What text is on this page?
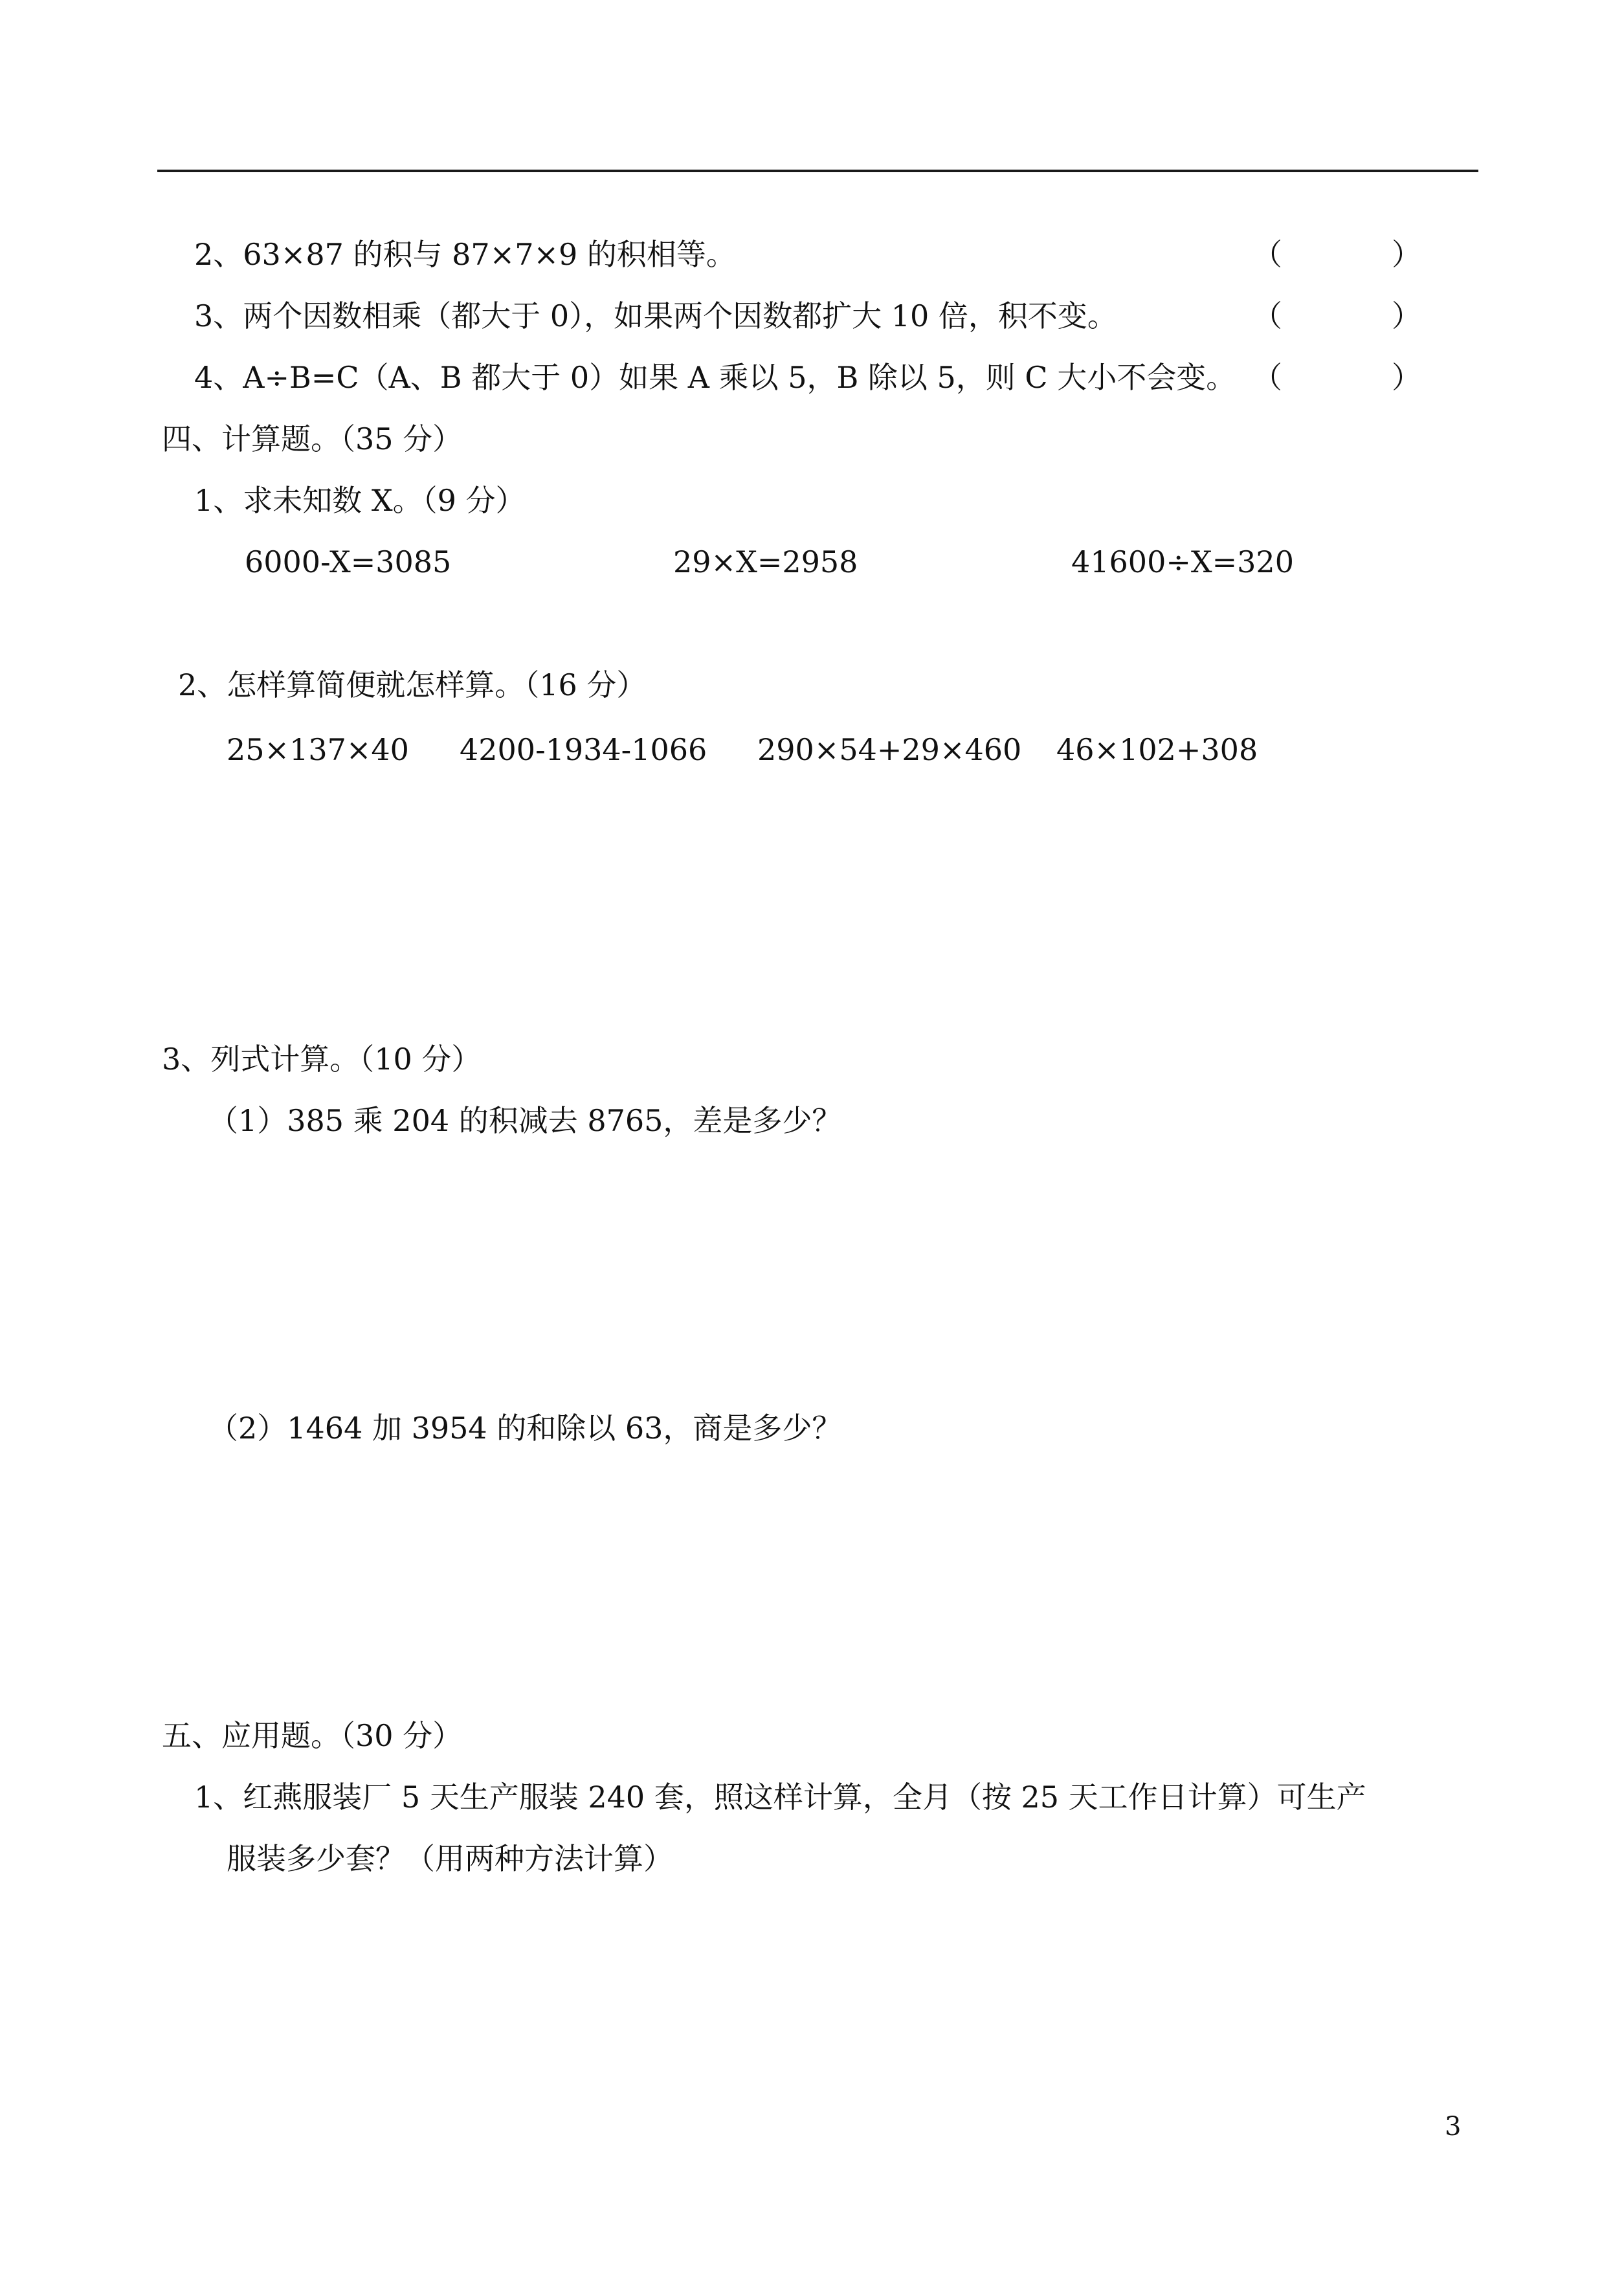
2、63×87 的积与 87×7×9 的积相等。	（	）
3、两个因数相乘（都大于 0），如果两个因数都扩大 10 倍，积不变。	（	）
4、A÷B=C（A、B 都大于 0）如果 A 乘以 5，B 除以 5，则 C 大小不会变。 （	）
四、计算题。（35 分）
1、求未知数 X。（9 分）
6000-X=3085	29×X=2958	41600÷X=320
2、怎样算简便就怎样算。（16 分）
25×137×40 4200-1934-1066 290×54+29×460 46×102+308
3、列式计算。（10 分）
（1）385 乘 204 的积减去 8765，差是多少？
（2）1464 加 3954 的和除以 63，商是多少？
五、应用题。（30 分）
1、红燕服装厂 5 天生产服装 240 套，照这样计算，全月（按 25 天工作日计算）可生产
服装多少套？（用两种方法计算）
3
